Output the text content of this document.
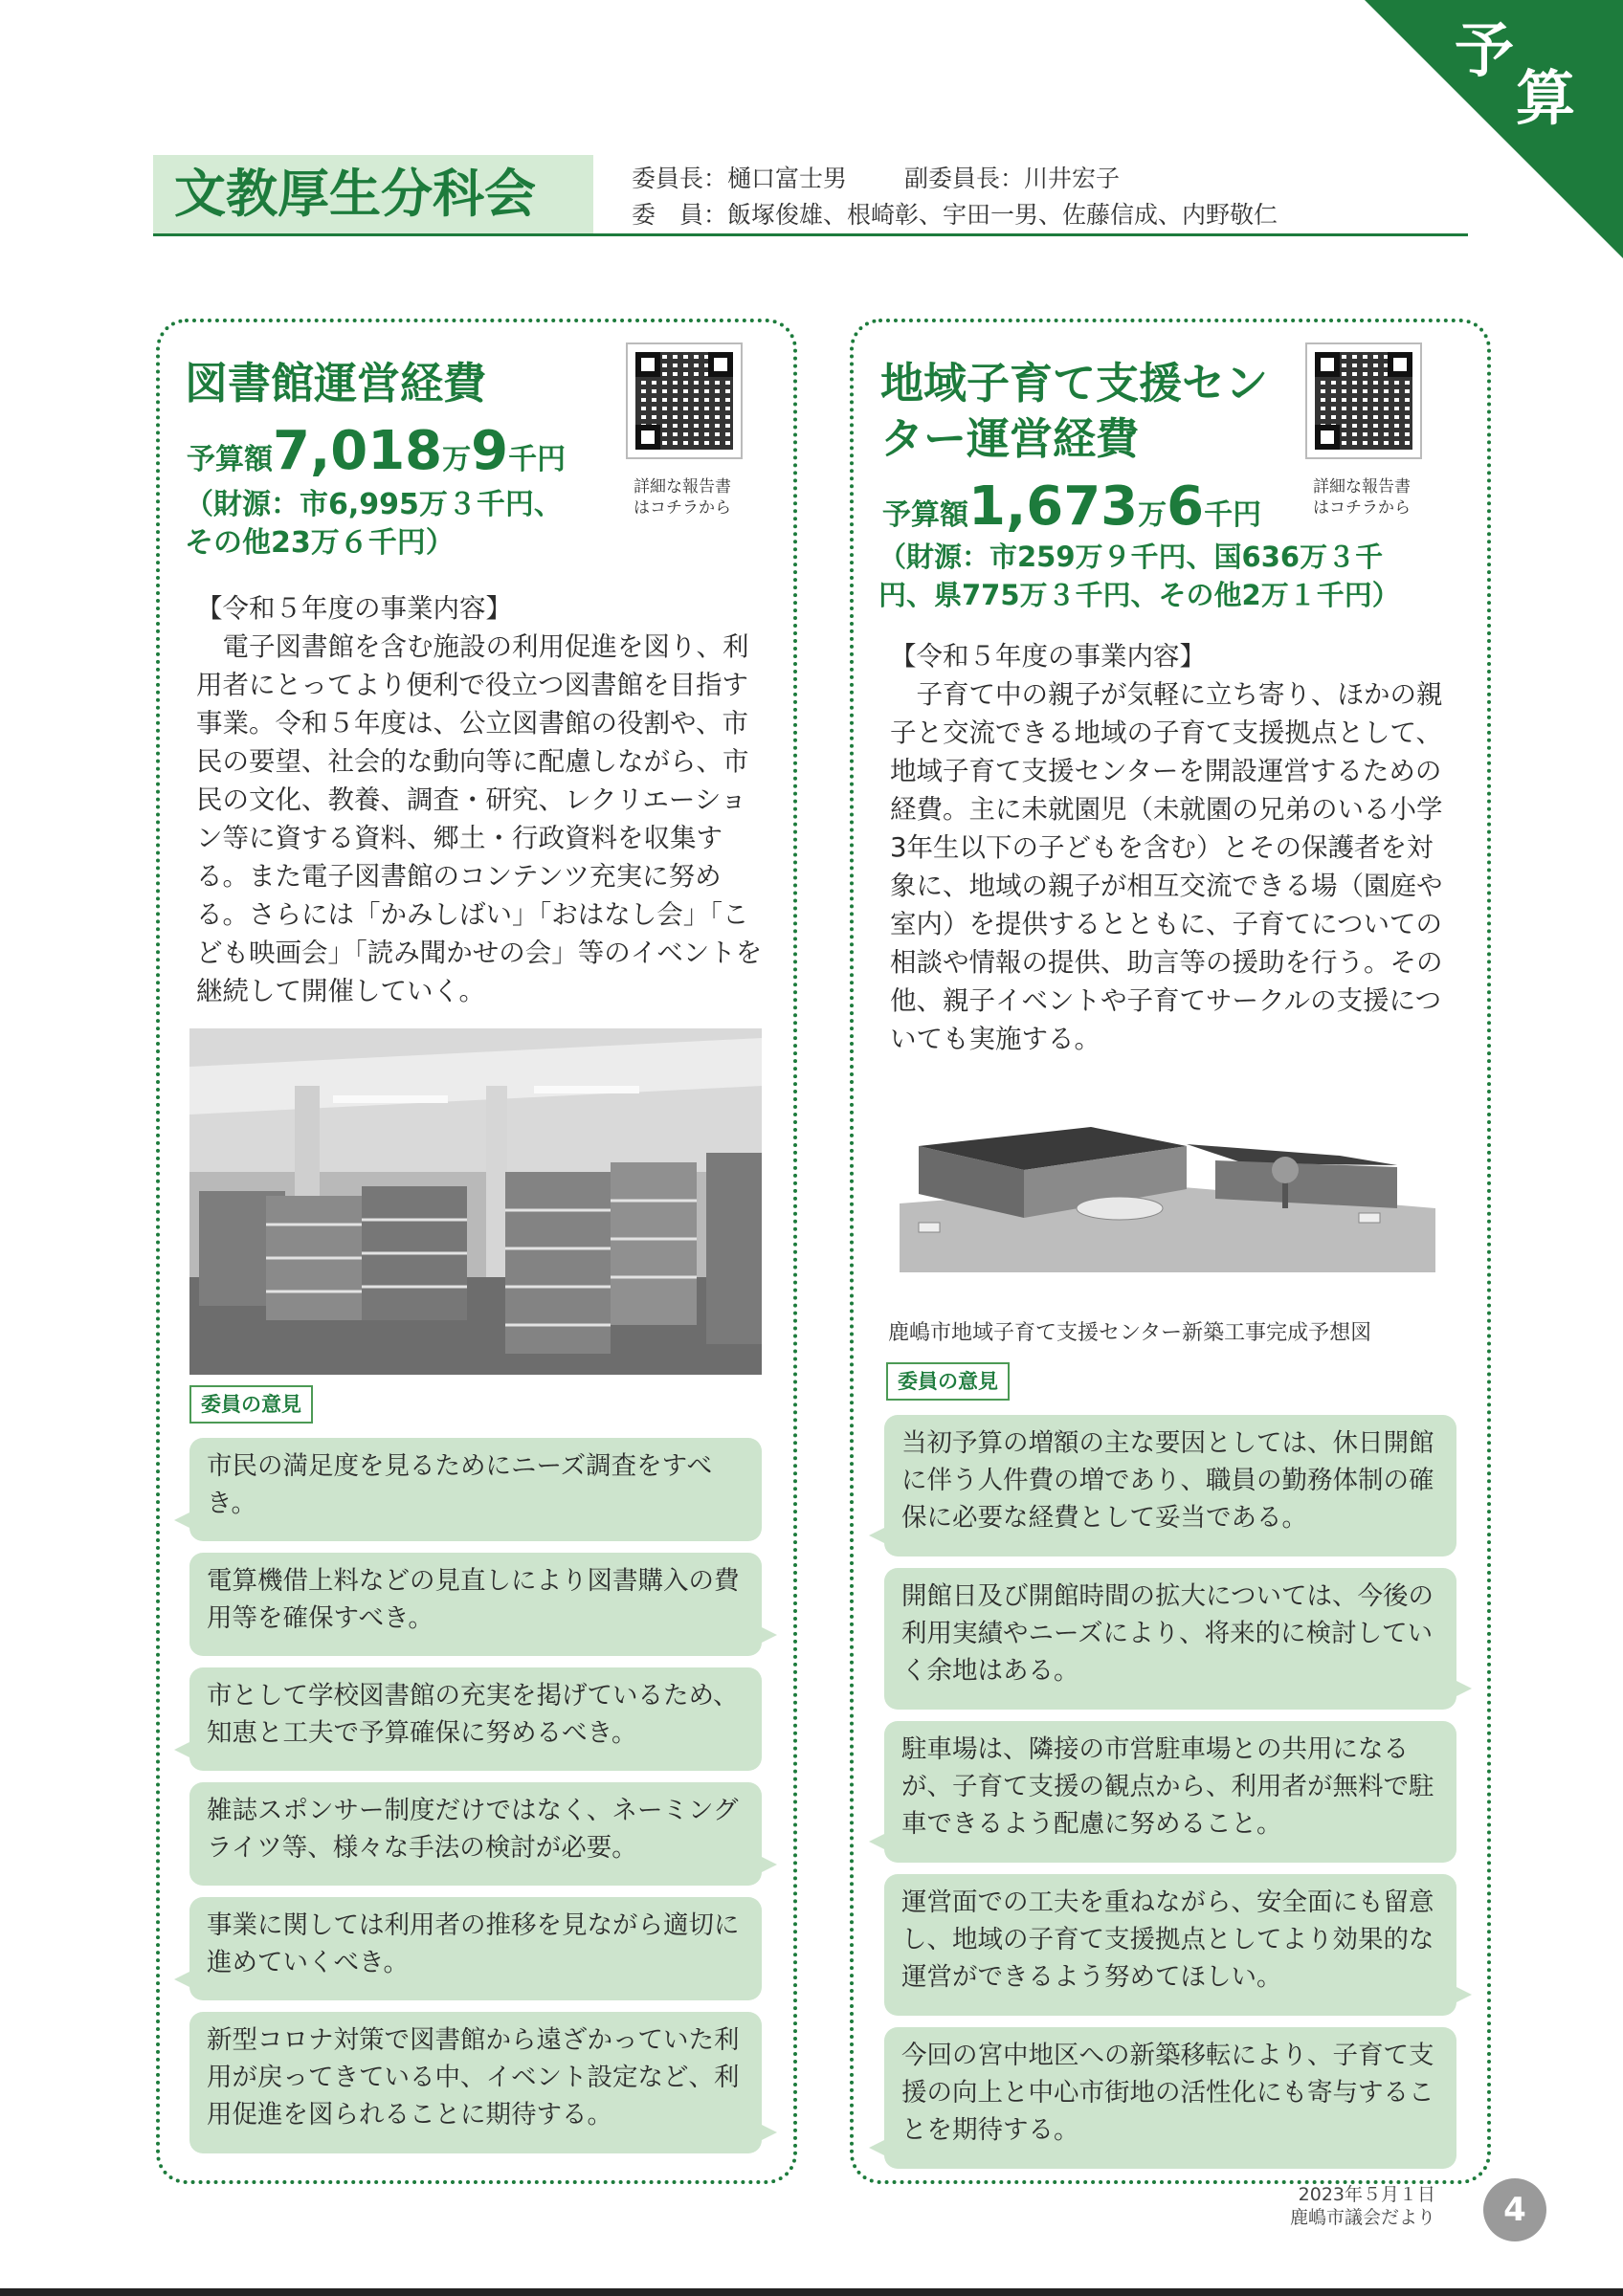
予
算
文教厚生分科会	委員長：樋口富士男 副委員長：川井宏子
委　員：飯塚俊雄、根崎彰、宇田一男、佐藤信成、内野敬仁
図書館運営経費
詳細な報告書
はコチラから
予算額7,018万9千円
（財源：市6,995万３千円、
その他23万６千円）
【令和５年度の事業内容】
電子図書館を含む施設の利用促進を図り、利用者にとってより便利で役立つ図書館を目指す事業。令和５年度は、公立図書館の役割や、市民の要望、社会的な動向等に配慮しながら、市民の文化、教養、調査・研究、レクリエーション等に資する資料、郷土・行政資料を収集する。また電子図書館のコンテンツ充実に努める。さらには「かみしばい」「おはなし会」「こども映画会」「読み聞かせの会」等のイベントを継続して開催していく。
委員の意見
市民の満足度を見るためにニーズ調査をすべき。
電算機借上料などの見直しにより図書購入の費用等を確保すべき。
市として学校図書館の充実を掲げているため、知恵と工夫で予算確保に努めるべき。
雑誌スポンサー制度だけではなく、ネーミングライツ等、様々な手法の検討が必要。
事業に関しては利用者の推移を見ながら適切に進めていくべき。
新型コロナ対策で図書館から遠ざかっていた利用が戻ってきている中、イベント設定など、利用促進を図られることに期待する。
地域子育て支援セン
ター運営経費
詳細な報告書
はコチラから
予算額1,673万6千円
（財源：市259万９千円、国636万３千
円、県775万３千円、その他2万１千円）
【令和５年度の事業内容】
子育て中の親子が気軽に立ち寄り、ほかの親子と交流できる地域の子育て支援拠点として、地域子育て支援センターを開設運営するための経費。主に未就園児（未就園の兄弟のいる小学3年生以下の子どもを含む）とその保護者を対象に、地域の親子が相互交流できる場（園庭や室内）を提供するとともに、子育てについての相談や情報の提供、助言等の援助を行う。その他、親子イベントや子育てサークルの支援についても実施する。
鹿嶋市地域子育て支援センター新築工事完成予想図
委員の意見
当初予算の増額の主な要因としては、休日開館に伴う人件費の増であり、職員の勤務体制の確保に必要な経費として妥当である。
開館日及び開館時間の拡大については、今後の利用実績やニーズにより、将来的に検討していく余地はある。
駐車場は、隣接の市営駐車場との共用になるが、子育て支援の観点から、利用者が無料で駐車できるよう配慮に努めること。
運営面での工夫を重ねながら、安全面にも留意し、地域の子育て支援拠点としてより効果的な運営ができるよう努めてほしい。
今回の宮中地区への新築移転により、子育て支援の向上と中心市街地の活性化にも寄与することを期待する。
2023年５月１日
鹿嶋市議会だより	4
